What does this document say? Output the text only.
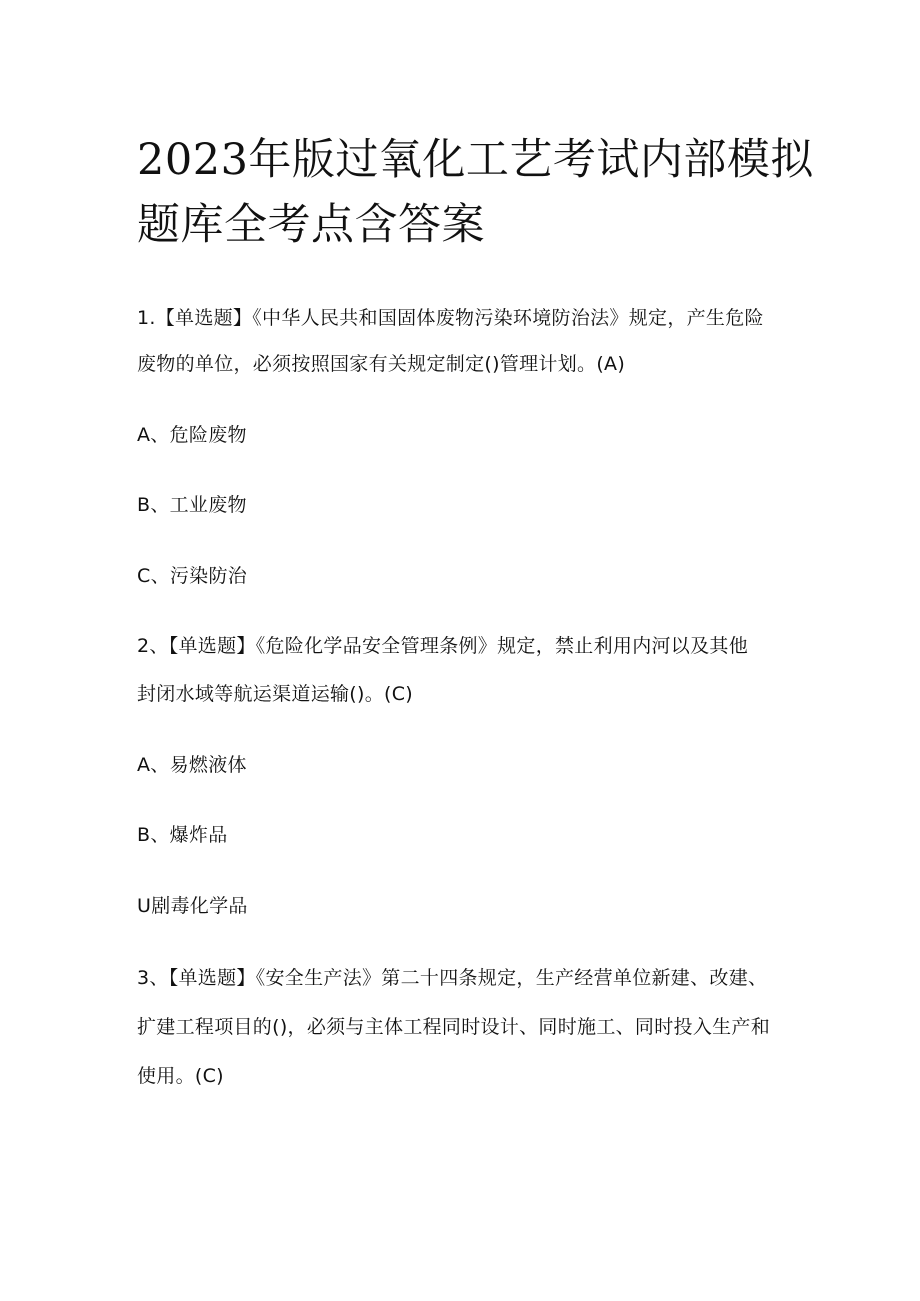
2023年版过氧化工艺考试内部模拟
题库全考点含答案
1.【单选题】《中华人民共和国固体废物污染环境防治法》规定，产生危险
废物的单位，必须按照国家有关规定制定()管理计划。(A)
A、危险废物
B、工业废物
C、污染防治
2、【单选题】《危险化学品安全管理条例》规定，禁止利用内河以及其他
封闭水域等航运渠道运输()。(C)
A、易燃液体
B、爆炸品
U剧毒化学品
3、【单选题】《安全生产法》第二十四条规定，生产经营单位新建、改建、
扩建工程项目的()，必须与主体工程同时设计、同时施工、同时投入生产和
使用。(C)
